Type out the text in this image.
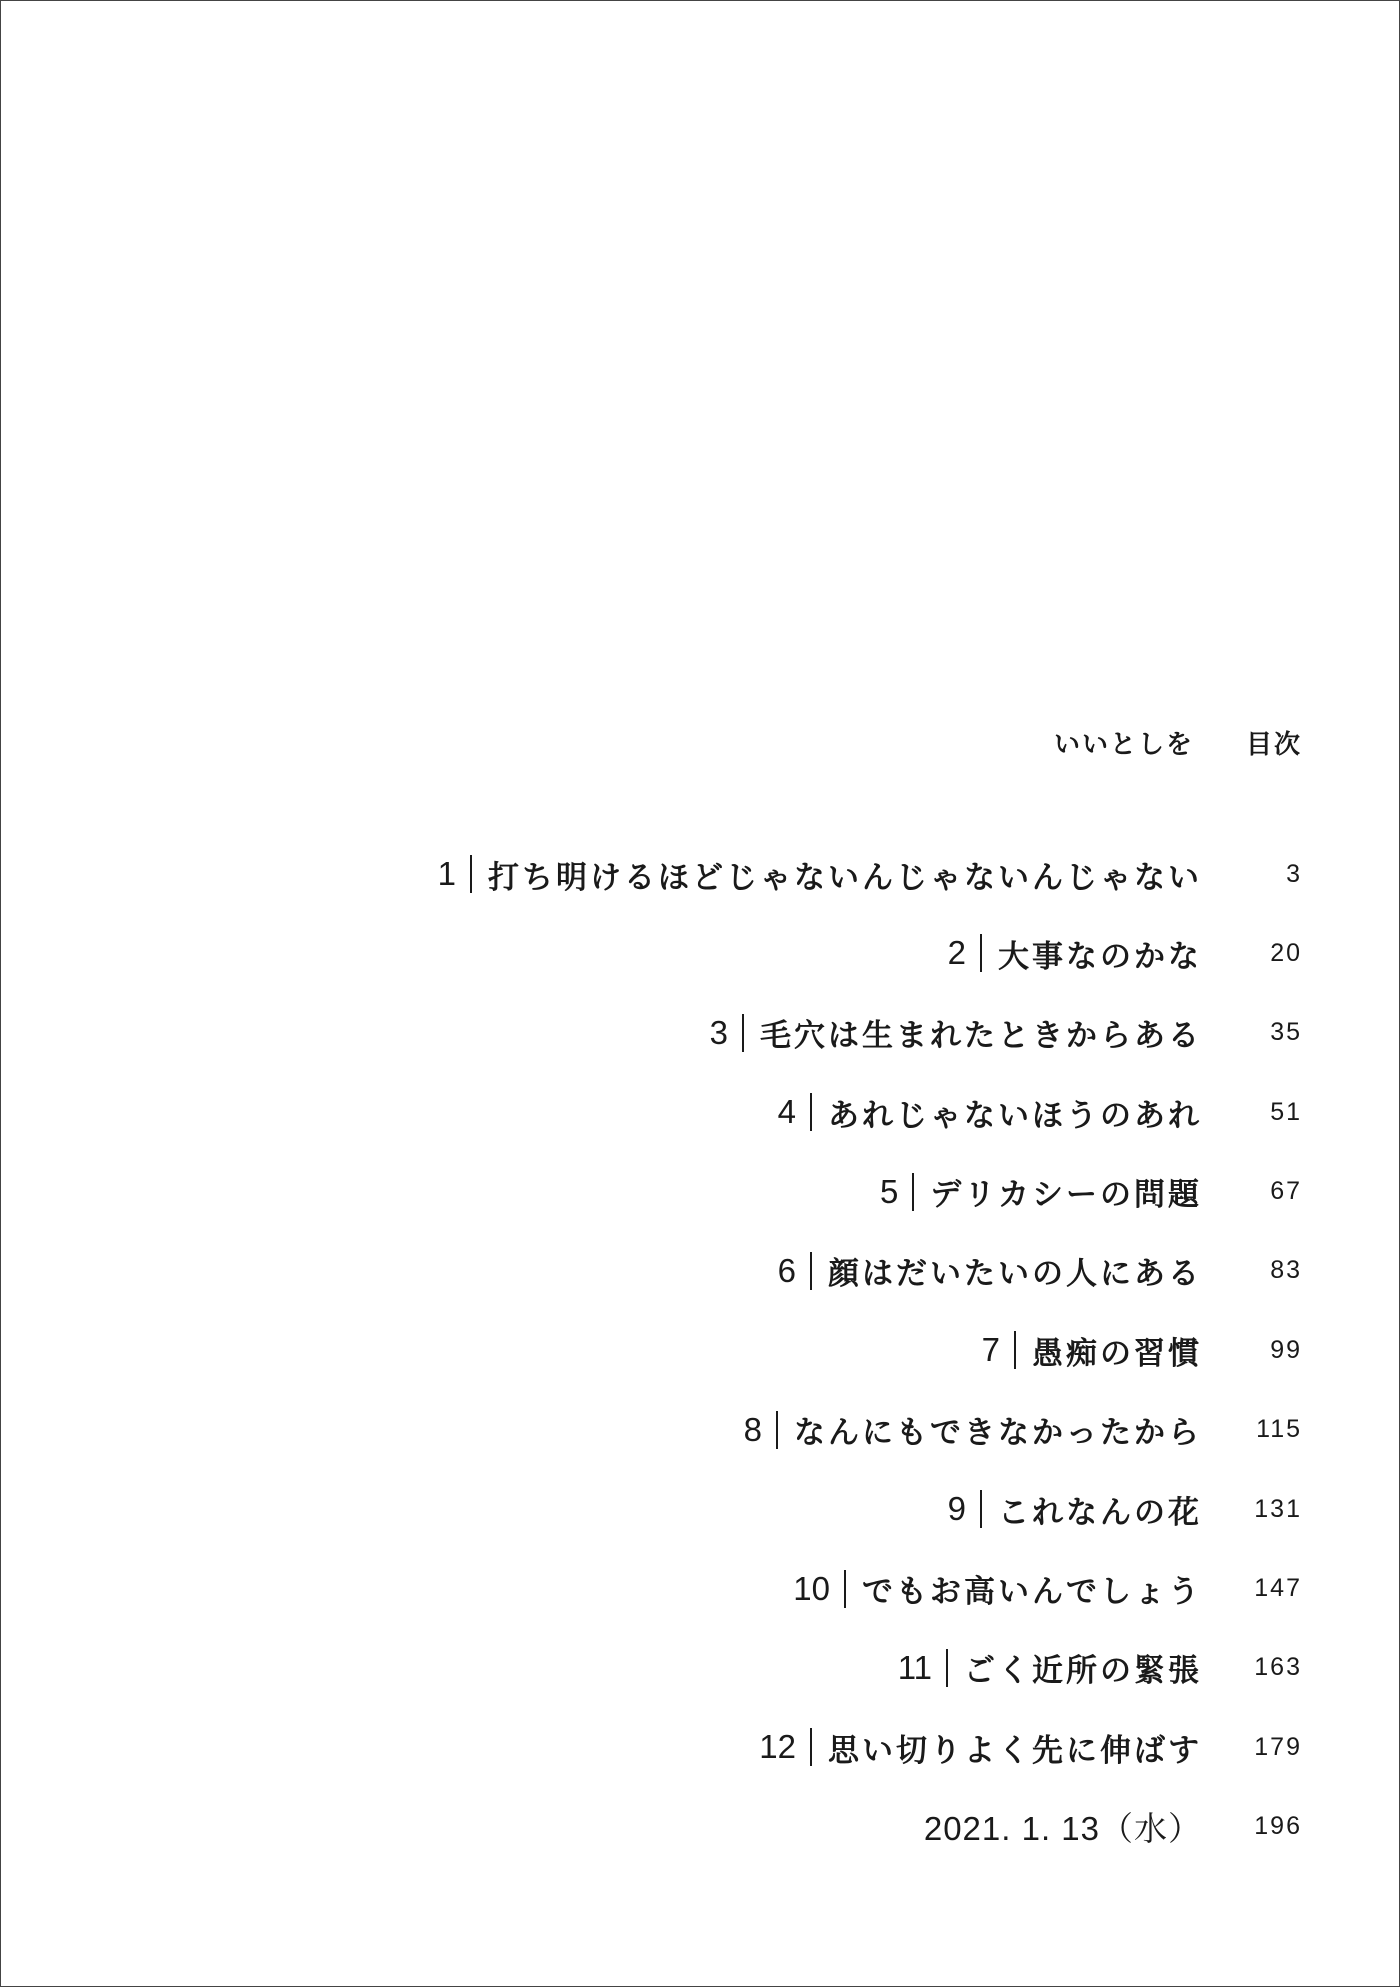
いいとしを 目次
1 打ち明けるほどじゃないんじゃないんじゃない	3
2 大事なのかな	20
3 毛穴は生まれたときからある	35
4 あれじゃないほうのあれ	51
5 デリカシーの問題	67
6 顔はだいたいの人にある	83
7 愚痴の習慣	99
8 なんにもできなかったから 115
9 これなんの花 131
10 でもお高いんでしょう 147
11 ごく近所の緊張 163
12 思い切りよく先に伸ばす 179
2021. 1. 13（水） 196
